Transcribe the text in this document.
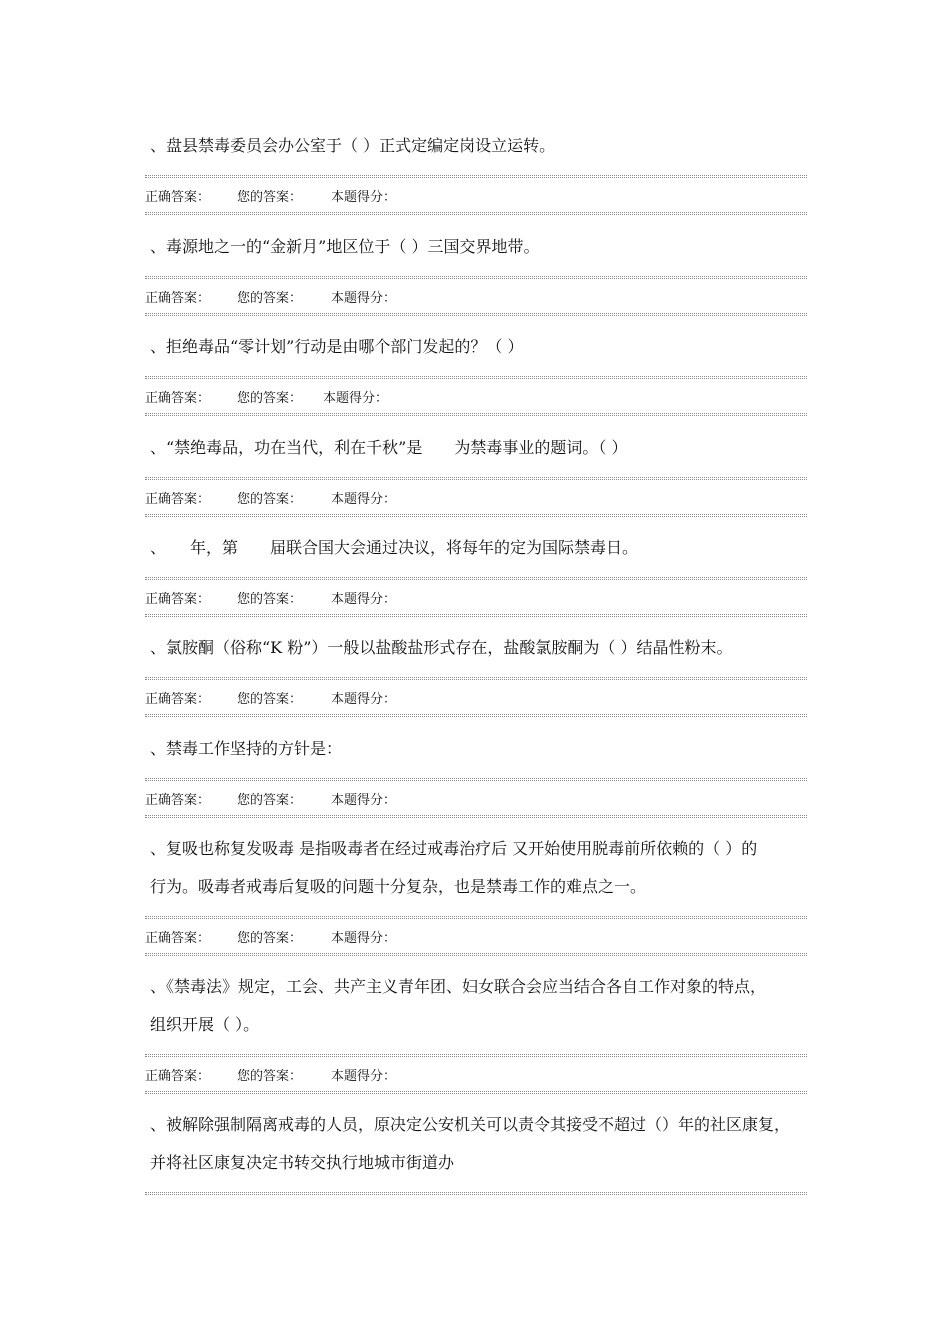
、盘县禁毒委员会办公室于（ ）正式定编定岗设立运转。
正确答案： 您的答案： 本题得分：
、毒源地之一的“金新月”地区位于（ ）三国交界地带。
正确答案： 您的答案： 本题得分：
、拒绝毒品“零计划”行动是由哪个部门发起的？（ ）
正确答案： 您的答案： 本题得分：
、“禁绝毒品，功在当代，利在千秋”是　　为禁毒事业的题词。（ ）
正确答案： 您的答案： 本题得分：
、　　年，第　　届联合国大会通过决议，将每年的定为国际禁毒日。
正确答案： 您的答案： 本题得分：
、氯胺酮（俗称“K 粉”）一般以盐酸盐形式存在，盐酸氯胺酮为（ ）结晶性粉末。
正确答案： 您的答案： 本题得分：
、禁毒工作坚持的方针是：
正确答案： 您的答案： 本题得分：
、复吸也称复发吸毒 是指吸毒者在经过戒毒治疗后 又开始使用脱毒前所依赖的（ ）的
行为。吸毒者戒毒后复吸的问题十分复杂，也是禁毒工作的难点之一。
正确答案： 您的答案： 本题得分：
、《禁毒法》规定，工会、共产主义青年团、妇女联合会应当结合各自工作对象的特点，
组织开展（ ）。
正确答案： 您的答案： 本题得分：
、被解除强制隔离戒毒的人员，原决定公安机关可以责令其接受不超过（）年的社区康复，
并将社区康复决定书转交执行地城市街道办
